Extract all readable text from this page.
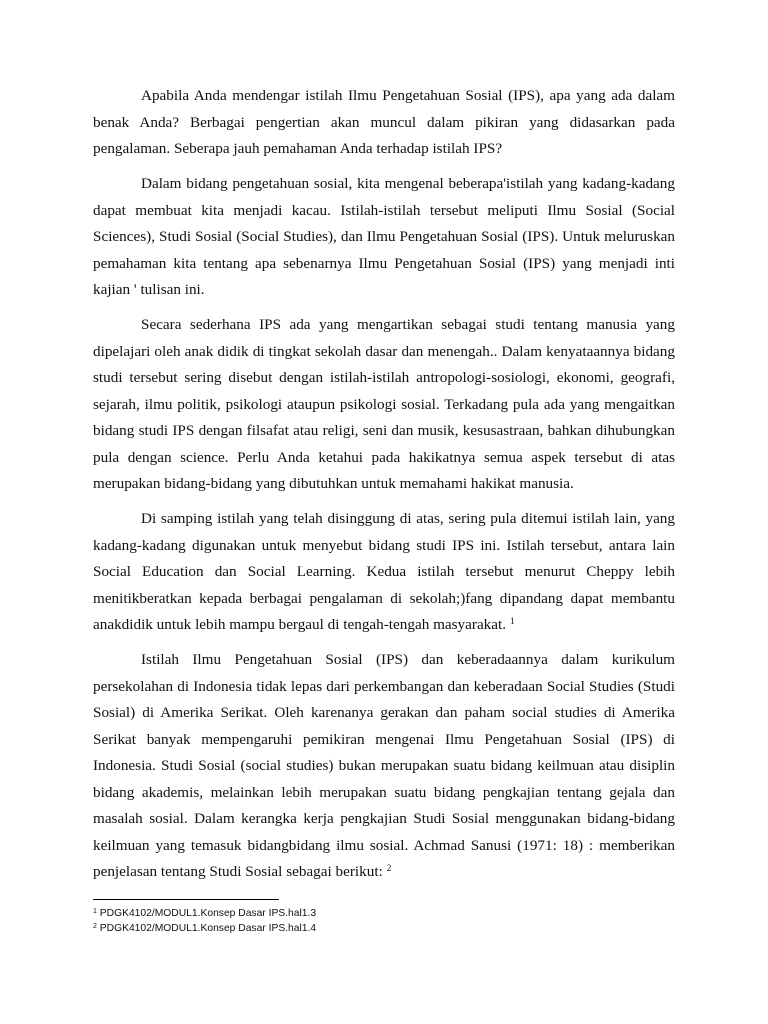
Apabila Anda mendengar istilah Ilmu Pengetahuan Sosial (IPS), apa yang ada dalam benak Anda? Berbagai pengertian akan muncul dalam pikiran yang didasarkan pada pengalaman. Seberapa jauh pemahaman Anda terhadap istilah IPS?

Dalam bidang pengetahuan sosial, kita mengenal beberapa'istilah yang kadang-kadang dapat membuat kita menjadi kacau. Istilah-istilah tersebut meliputi Ilmu Sosial (Social Sciences), Studi Sosial (Social Studies), dan Ilmu Pengetahuan Sosial (IPS). Untuk meluruskan pemahaman kita tentang apa sebenarnya Ilmu Pengetahuan Sosial (IPS) yang menjadi inti kajian ' tulisan ini.

Secara sederhana IPS ada yang mengartikan sebagai studi tentang manusia yang dipelajari oleh anak didik di tingkat sekolah dasar dan menengah.. Dalam kenyataannya bidang studi tersebut sering disebut dengan istilah-istilah antropologi-sosiologi, ekonomi, geografi, sejarah, ilmu politik, psikologi ataupun psikologi sosial. Terkadang pula ada yang mengaitkan bidang studi IPS dengan filsafat atau religi, seni dan musik, kesusastraan, bahkan dihubungkan pula dengan science. Perlu Anda ketahui pada hakikatnya semua aspek tersebut di atas merupakan bidang-bidang yang dibutuhkan untuk memahami hakikat manusia.

Di samping istilah yang telah disinggung di atas, sering pula ditemui istilah lain, yang kadang-kadang digunakan untuk menyebut bidang studi IPS ini. Istilah tersebut, antara lain Social Education dan Social Learning. Kedua istilah tersebut menurut Cheppy lebih menitikberatkan kepada berbagai pengalaman di sekolah;)fang dipandang dapat membantu anakdidik untuk lebih mampu bergaul di tengah-tengah masyarakat. $^1$

Istilah Ilmu Pengetahuan Sosial (IPS) dan keberadaannya dalam kurikulum persekolahan di Indonesia tidak lepas dari perkembangan dan keberadaan Social Studies (Studi Sosial) di Amerika Serikat. Oleh karenanya gerakan dan paham social studies di Amerika Serikat banyak mempengaruhi pemikiran mengenai Ilmu Pengetahuan Sosial (IPS) di Indonesia. Studi Sosial (social studies) bukan merupakan suatu bidang keilmuan atau disiplin bidang akademis, melainkan lebih merupakan suatu bidang pengkajian tentang gejala dan masalah sosial. Dalam kerangka kerja pengkajian Studi Sosial menggunakan bidang-bidang keilmuan yang temasuk bidangbidang ilmu sosial. Achmad Sanusi (1971: 18) : memberikan penjelasan tentang Studi Sosial sebagai berikut: $^2$

$^1$ PDGK4102/MODUL1.Konsep Dasar IPS.hal1.3
$^2$ PDGK4102/MODUL1.Konsep Dasar IPS.hal1.4
